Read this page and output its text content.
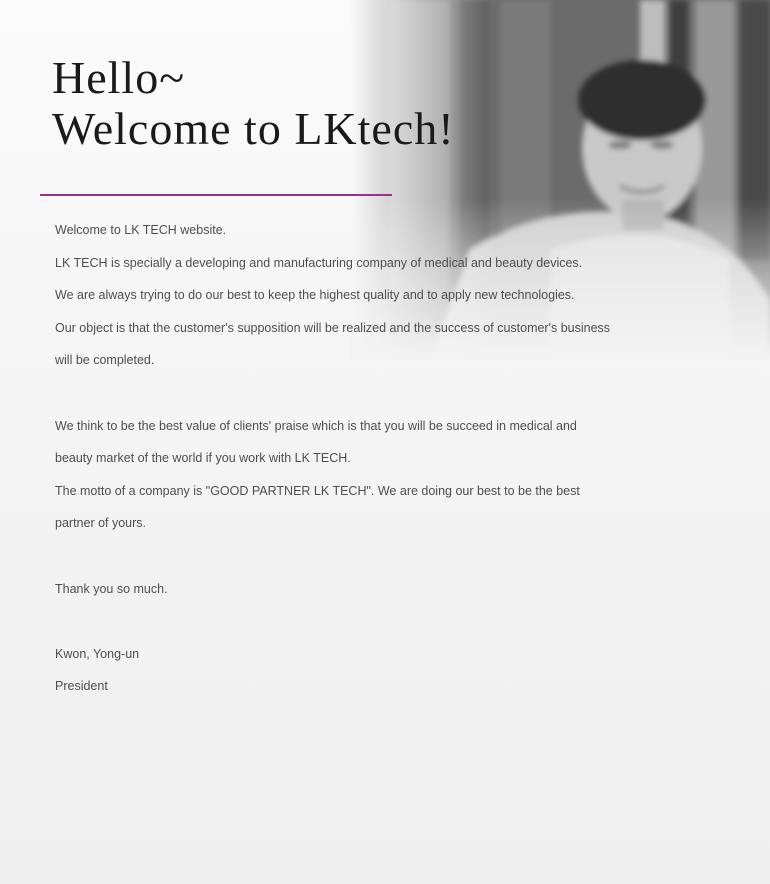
Hello~
Welcome to LKtech!

Welcome to LK TECH website.

LK TECH is specially a developing and manufacturing company of medical and beauty devices.

We are always trying to do our best to keep the highest quality and to apply new technologies.

Our object is that the customer's supposition will be realized and the success of customer's business

will be completed.

We think to be the best value of clients' praise which is that you will be succeed in medical and

beauty market of the world if you work with LK TECH.

The motto of a company is "GOOD PARTNER LK TECH". We are doing our best to be the best

partner of yours.

Thank you so much.

Kwon, Yong-un

President
